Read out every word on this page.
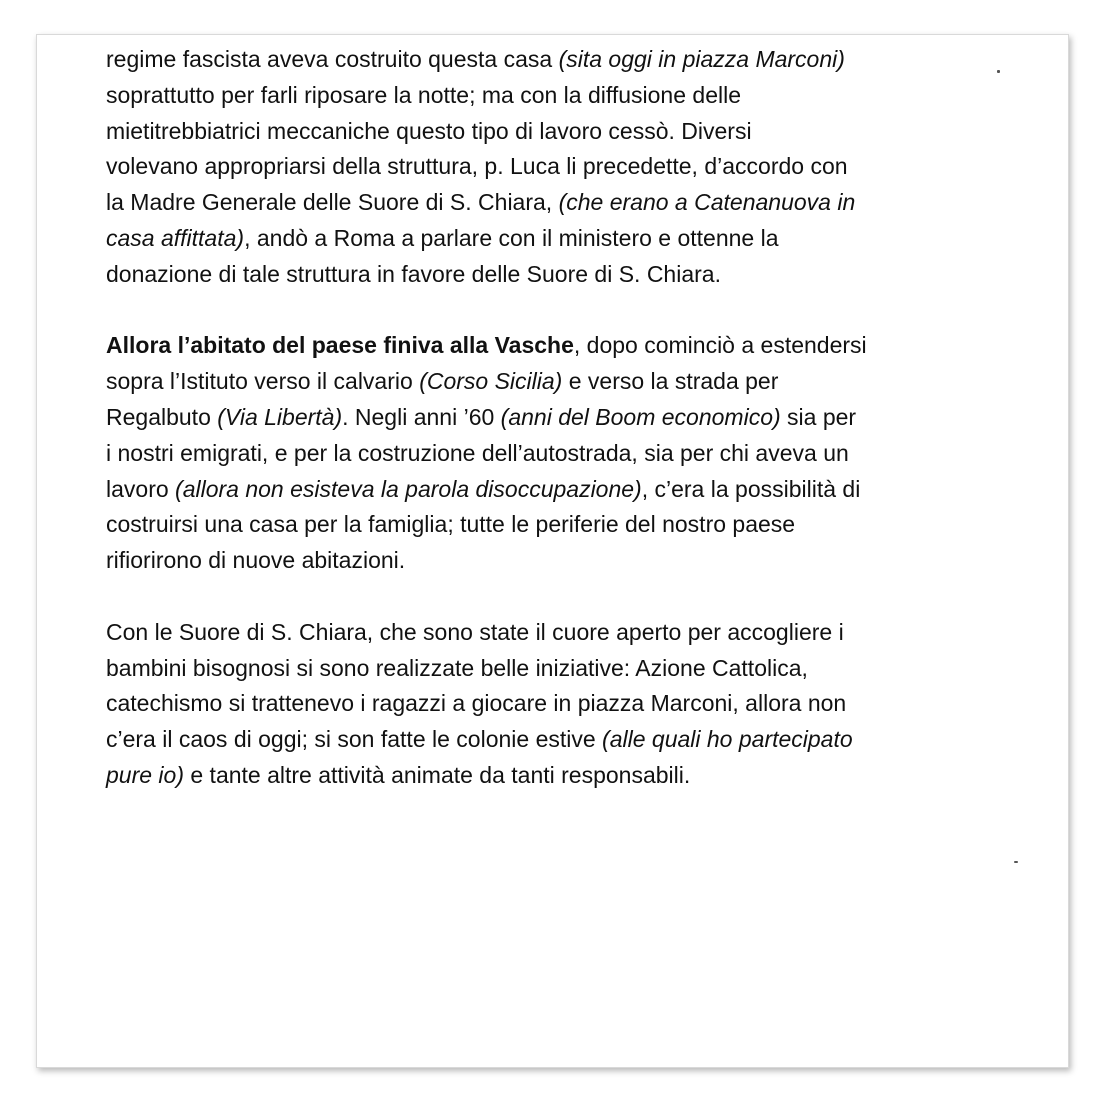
regime fascista aveva costruito questa casa (sita oggi in piazza Marconi)
soprattutto per farli riposare la notte; ma con la diffusione delle
mietitrebbiatrici meccaniche questo tipo di lavoro cessò. Diversi
volevano appropriarsi della struttura, p. Luca li precedette, d’accordo con
la Madre Generale delle Suore di S. Chiara, (che erano a Catenanuova in
casa affittata), andò a Roma a parlare con il ministero e ottenne la
donazione di tale struttura in favore delle Suore di S. Chiara.
Allora l’abitato del paese finiva alla Vasche, dopo cominciò a estendersi
sopra l’Istituto verso il calvario (Corso Sicilia) e verso la strada per
Regalbuto (Via Libertà). Negli anni ’60 (anni del Boom economico) sia per
i nostri emigrati, e per la costruzione dell’autostrada, sia per chi aveva un
lavoro (allora non esisteva la parola disoccupazione), c’era la possibilità di
costruirsi una casa per la famiglia; tutte le periferie del nostro paese
rifiorirono di nuove abitazioni.
Con le Suore di S. Chiara, che sono state il cuore aperto per accogliere i
bambini bisognosi si sono realizzate belle iniziative: Azione Cattolica,
catechismo si trattenevo i ragazzi a giocare in piazza Marconi, allora non
c’era il caos di oggi; si son fatte le colonie estive (alle quali ho partecipato
pure io) e tante altre attività animate da tanti responsabili.
